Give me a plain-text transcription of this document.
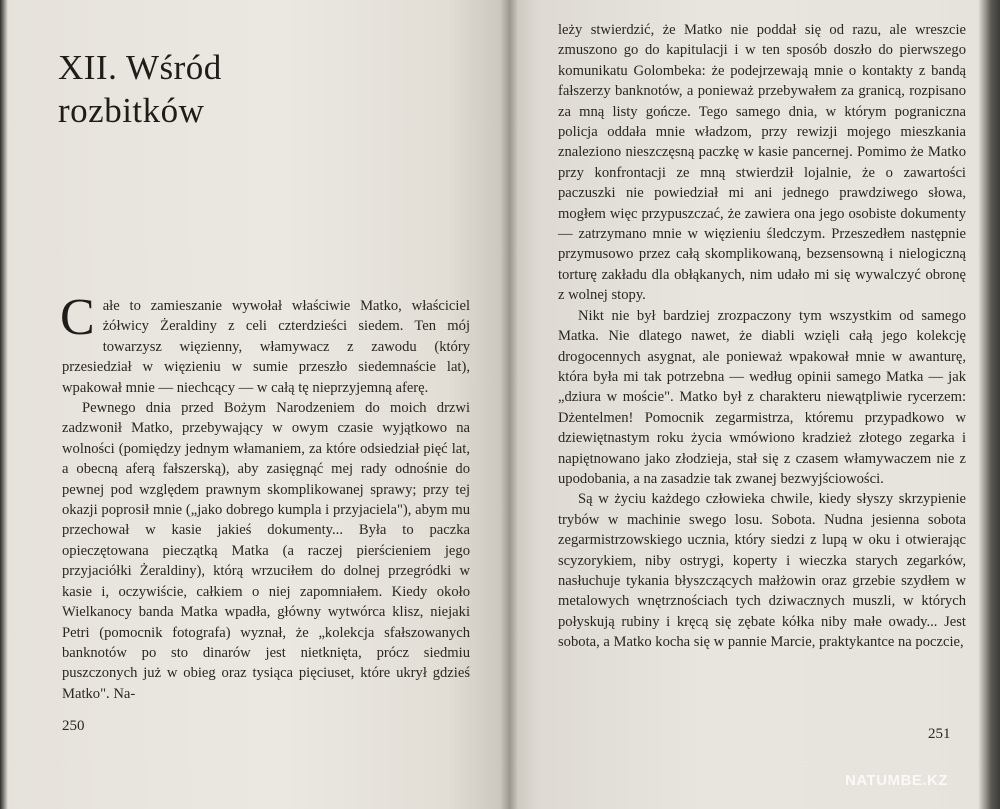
XII. Wśród
rozbitków

Całe to zamieszanie wywołał właściwie Matko, właściciel żółwicy Żeraldiny z celi czterdzieści siedem. Ten mój towarzysz więzienny, włamywacz z zawodu (który przesiedział w więzieniu w sumie przeszło siedemnaście lat), wpakował mnie — niechcący — w całą tę nieprzyjemną aferę.

Pewnego dnia przed Bożym Narodzeniem do moich drzwi zadzwonił Matko, przebywający w owym czasie wyjątkowo na wolności (pomiędzy jednym włamaniem, za które odsiedział pięć lat, a obecną aferą fałszerską), aby zasięgnąć mej rady odnośnie do pewnej pod względem prawnym skomplikowanej sprawy; przy tej okazji poprosił mnie („jako dobrego kumpla i przyjaciela"), abym mu przechował w kasie jakieś dokumenty... Była to paczka opieczętowana pieczątką Matka (a raczej pierścieniem jego przyjaciółki Żeraldiny), którą wrzuciłem do dolnej przegródki w kasie i, oczywiście, całkiem o niej zapomniałem. Kiedy około Wielkanocy banda Matka wpadła, główny wytwórca klisz, niejaki Petri (pomocnik fotografa) wyznał, że „kolekcja sfałszowanych banknotów po sto dinarów jest nietknięta, prócz siedmiu puszczonych już w obieg oraz tysiąca pięciuset, które ukrył gdzieś Matko". Na-

250

leży stwierdzić, że Matko nie poddał się od razu, ale wreszcie zmuszono go do kapitulacji i w ten sposób doszło do pierwszego komunikatu Golombeka: że podejrzewają mnie o kontakty z bandą fałszerzy banknotów, a ponieważ przebywałem za granicą, rozpisano za mną listy gończe. Tego samego dnia, w którym pograniczna policja oddała mnie władzom, przy rewizji mojego mieszkania znaleziono nieszczęsną paczkę w kasie pancernej. Pomimo że Matko przy konfrontacji ze mną stwierdził lojalnie, że o zawartości paczuszki nie powiedział mi ani jednego prawdziwego słowa, mogłem więc przypuszczać, że zawiera ona jego osobiste dokumenty — zatrzymano mnie w więzieniu śledczym. Przeszedłem następnie przymusowo przez całą skomplikowaną, bezsensowną i nielogiczną torturę zakładu dla obłąkanych, nim udało mi się wywalczyć obronę z wolnej stopy.

Nikt nie był bardziej zrozpaczony tym wszystkim od samego Matka. Nie dlatego nawet, że diabli wzięli całą jego kolekcję drogocennych asygnat, ale ponieważ wpakował mnie w awanturę, która była mi tak potrzebna — według opinii samego Matka — jak „dziura w moście". Matko był z charakteru niewątpliwie rycerzem: Dżentelmen! Pomocnik zegarmistrza, któremu przypadkowo w dziewiętnastym roku życia wmówiono kradzież złotego zegarka i napiętnowano jako złodzieja, stał się z czasem włamywaczem nie z upodobania, a na zasadzie tak zwanej bezwyjściowości.

Są w życiu każdego człowieka chwile, kiedy słyszy skrzypienie trybów w machinie swego losu. Sobota. Nudna jesienna sobota zegarmistrzowskiego ucznia, który siedzi z lupą w oku i otwierając scyzorykiem, niby ostrygi, koperty i wieczka starych zegarków, nasłuchuje tykania błyszczących małżowin oraz grzebie szydłem w metalowych wnętrznościach tych dziwacznych muszli, w których połyskują rubiny i kręcą się zębate kółka niby małe owady... Jest sobota, a Matko kocha się w pannie Marcie, praktykantce na poczcie,

251
NATUMBE.KZ
